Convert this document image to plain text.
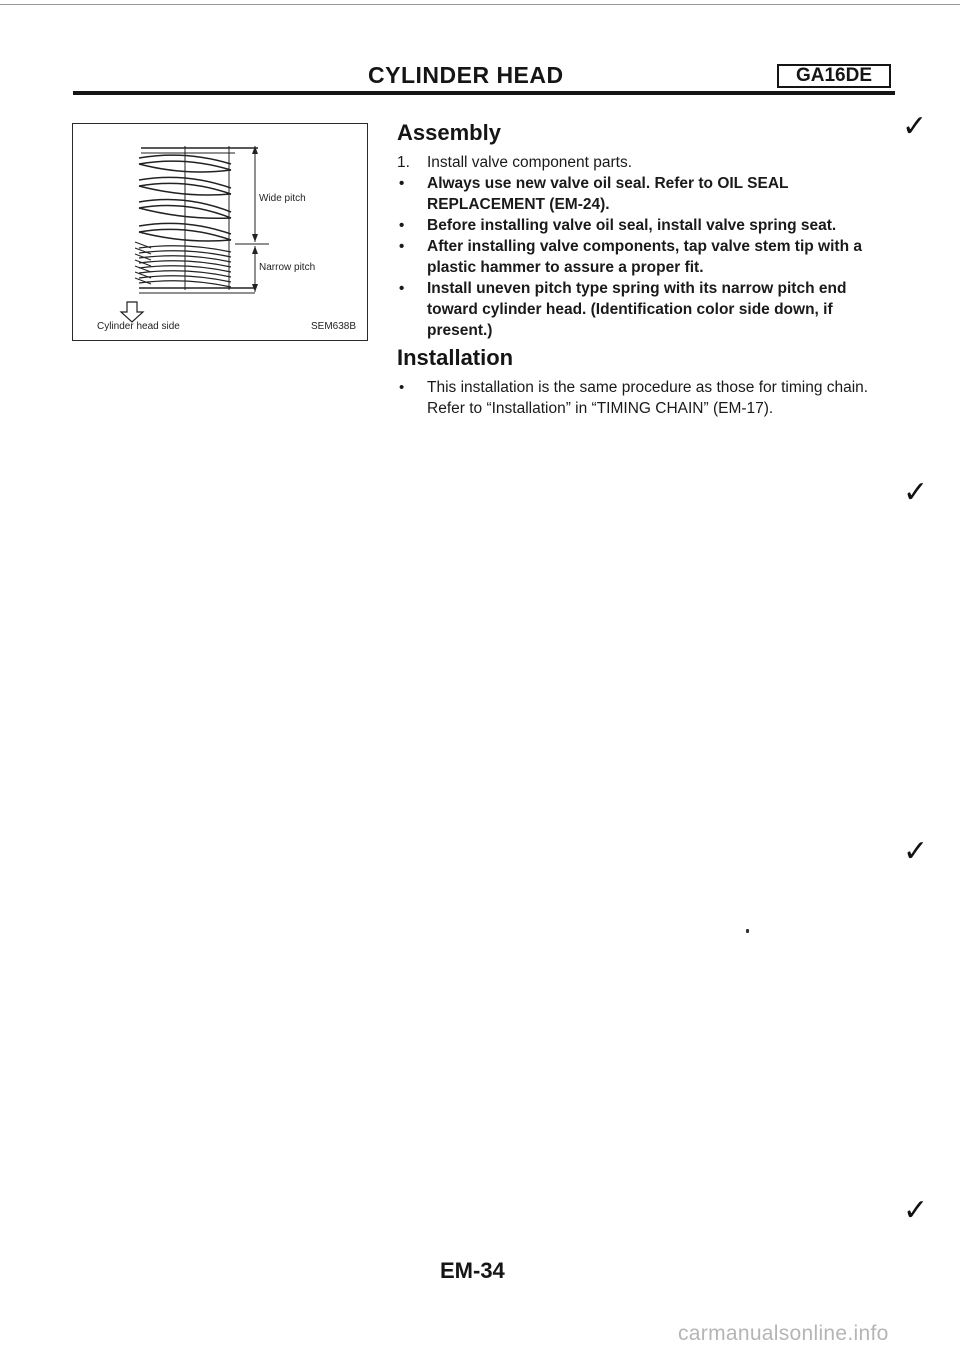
CYLINDER HEAD	GA16DE
Wide pitch
Narrow pitch
Cylinder head side	SEM638B
Assembly
1. Install valve component parts.
• Always use new valve oil seal. Refer to OIL SEAL REPLACEMENT (EM-24).
• Before installing valve oil seal, install valve spring seat.
• After installing valve components, tap valve stem tip with a plastic hammer to assure a proper fit.
• Install uneven pitch type spring with its narrow pitch end toward cylinder head. (Identification color side down, if present.)
Installation
• This installation is the same procedure as those for timing chain. Refer to “Installation” in “TIMING CHAIN” (EM-17).
✓
✓
✓
✓
EM-34
carmanualsonline.info
